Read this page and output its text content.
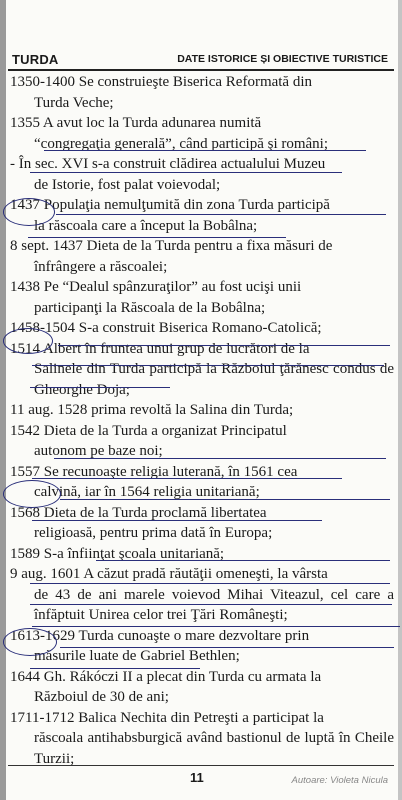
TURDA	DATE ISTORICE ȘI OBIECTIVE TURISTICE
1350-1400 Se construieşte Biserica Reformată din
Turda Veche;
1355 A avut loc la Turda adunarea numită
“congregaţia generală”, când participă şi români;
- În sec. XVI s-a construit clădirea actualului Muzeu
de Istorie, fost palat voievodal;
1437 Populaţia nemulţumită din zona Turda participă
la răscoala care a început la Bobâlna;
8 sept. 1437 Dieta de la Turda pentru a fixa măsuri de
înfrângere a răscoalei;
1438 Pe “Dealul spânzuraţilor” au fost ucişi unii
participanţi la Răscoala de la Bobâlna;
1458-1504 S-a construit Biserica Romano-Catolică;
1514 Albert în fruntea unui grup de lucrători de la
Salinele din Turda participă la Războiul ţărănesc condus de Gheorghe Doja;
11 aug. 1528 prima revoltă la Salina din Turda;
1542 Dieta de la Turda a organizat Principatul
autonom pe baze noi;
1557 Se recunoaşte religia luterană, în 1561 cea
calvină, iar în 1564 religia unitariană;
1568 Dieta de la Turda proclamă libertatea
religioasă, pentru prima dată în Europa;
1589 S-a înfiinţat şcoala unitariană;
9 aug. 1601 A căzut pradă răutăţii omeneşti, la vârsta
de 43 de ani marele voievod Mihai Viteazul, cel care a înfăptuit Unirea celor trei Ţări Româneşti;
1613-1629 Turda cunoaşte o mare dezvoltare prin
măsurile luate de Gabriel Bethlen;
1644 Gh. Rákóczi II a plecat din Turda cu armata la
Războiul de 30 de ani;
1711-1712 Balica Nechita din Petreşti a participat la
răscoala antihabsburgică având bastionul de luptă în Cheile Turzii;
11	Autoare: Violeta Nicula
